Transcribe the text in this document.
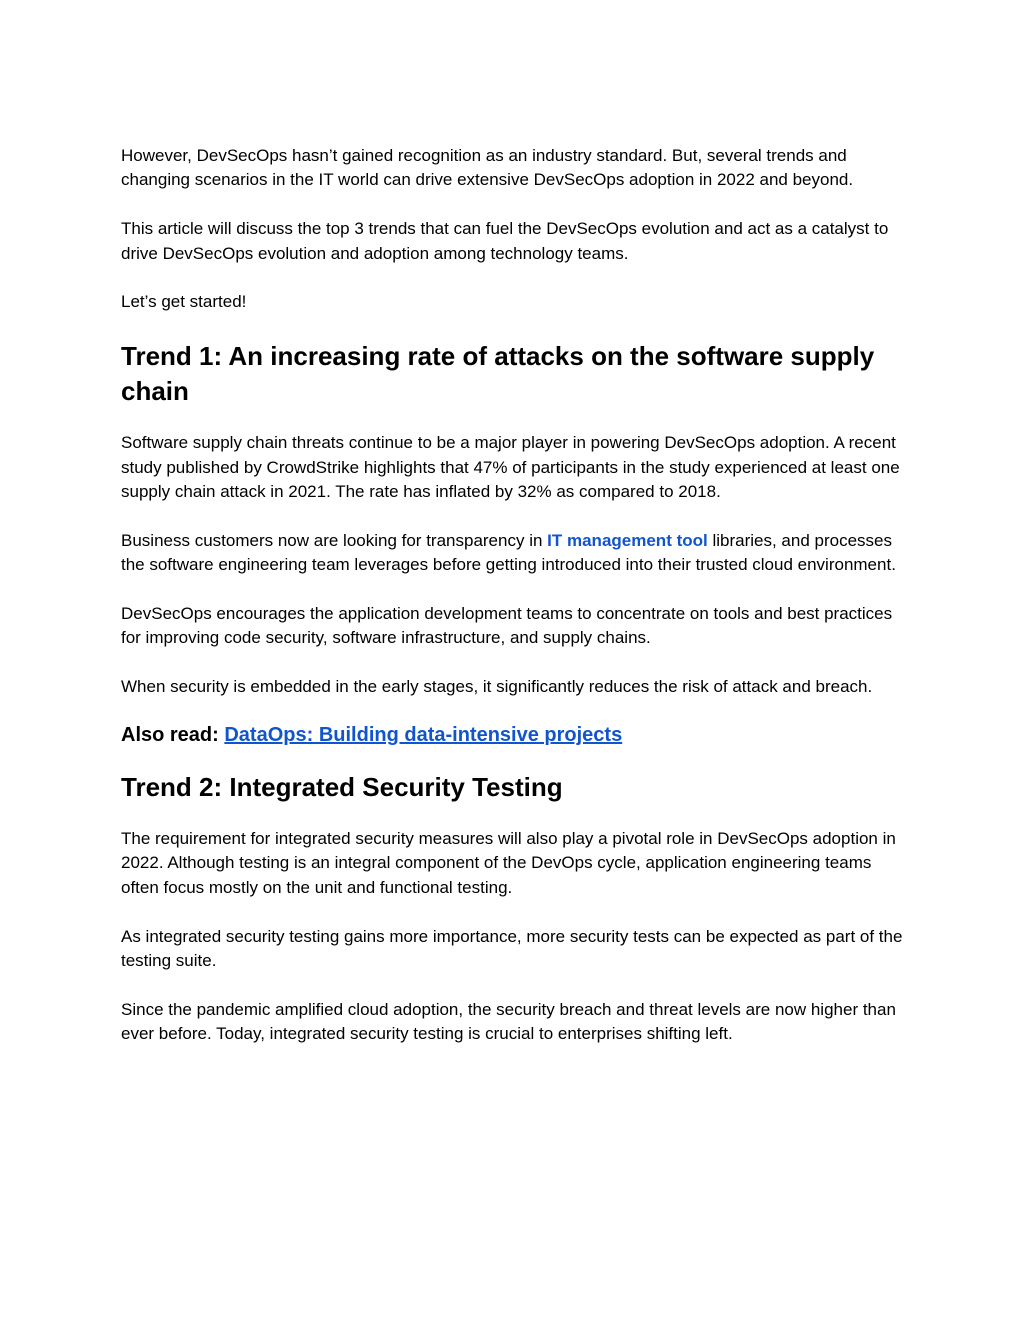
However, DevSecOps hasn’t gained recognition as an industry standard. But, several trends and changing scenarios in the IT world can drive extensive DevSecOps adoption in 2022 and beyond.

This article will discuss the top 3 trends that can fuel the DevSecOps evolution and act as a catalyst to drive DevSecOps evolution and adoption among technology teams.

Let’s get started!

Trend 1: An increasing rate of attacks on the software supply chain

Software supply chain threats continue to be a major player in powering DevSecOps adoption. A recent study published by CrowdStrike highlights that 47% of participants in the study experienced at least one supply chain attack in 2021. The rate has inflated by 32% as compared to 2018.

Business customers now are looking for transparency in IT management tool libraries, and processes the software engineering team leverages before getting introduced into their trusted cloud environment.

DevSecOps encourages the application development teams to concentrate on tools and best practices for improving code security, software infrastructure, and supply chains.

When security is embedded in the early stages, it significantly reduces the risk of attack and breach.

Also read: DataOps: Building data-intensive projects

Trend 2: Integrated Security Testing

The requirement for integrated security measures will also play a pivotal role in DevSecOps adoption in 2022. Although testing is an integral component of the DevOps cycle, application engineering teams often focus mostly on the unit and functional testing.

As integrated security testing gains more importance, more security tests can be expected as part of the testing suite.

Since the pandemic amplified cloud adoption, the security breach and threat levels are now higher than ever before. Today, integrated security testing is crucial to enterprises shifting left.
